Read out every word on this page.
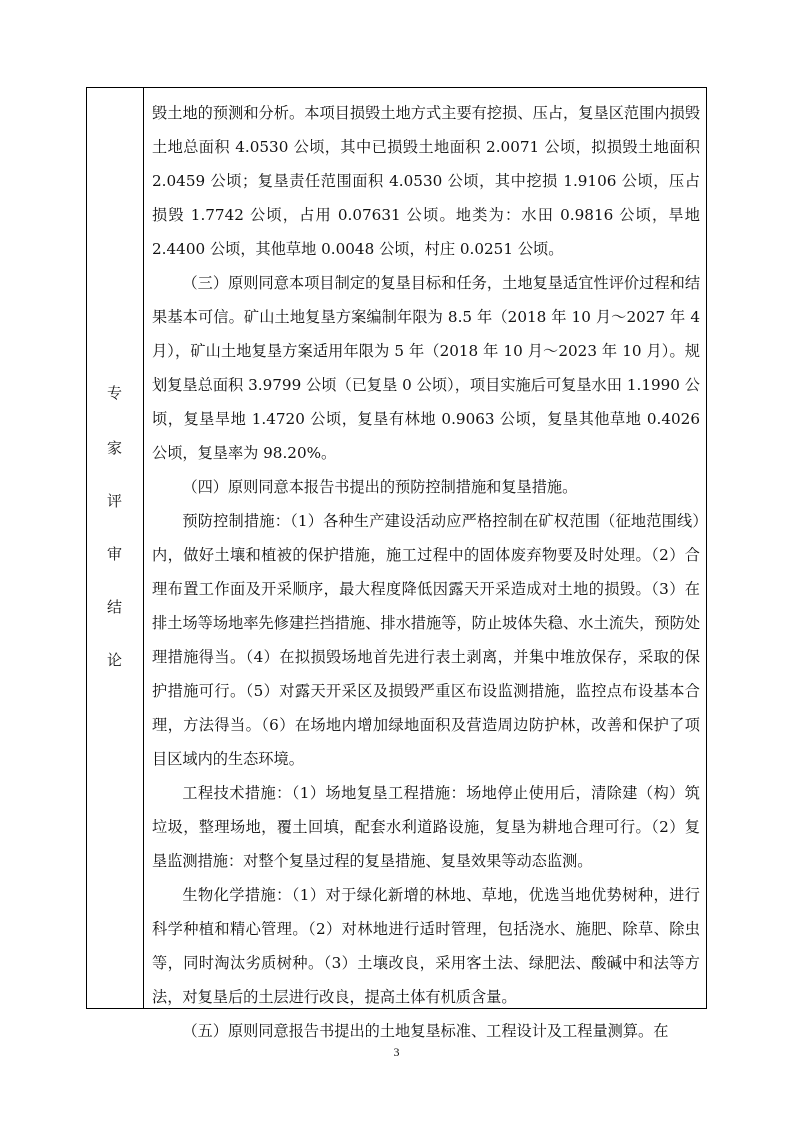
专
家
评
审
结
论

毁土地的预测和分析。本项目损毁土地方式主要有挖损、压占，复垦区范围内损毁土地总面积 4.0530 公顷，其中已损毁土地面积 2.0071 公顷，拟损毁土地面积 2.0459 公顷；复垦责任范围面积 4.0530 公顷，其中挖损 1.9106 公顷，压占损毁 1.7742 公顷，占用 0.07631 公顷。地类为：水田 0.9816 公顷，旱地 2.4400 公顷，其他草地 0.0048 公顷，村庄 0.0251 公顷。

（三）原则同意本项目制定的复垦目标和任务，土地复垦适宜性评价过程和结果基本可信。矿山土地复垦方案编制年限为 8.5 年（2018 年 10 月～2027 年 4 月），矿山土地复垦方案适用年限为 5 年（2018 年 10 月～2023 年 10 月）。规划复垦总面积 3.9799 公顷（已复垦 0 公顷），项目实施后可复垦水田 1.1990 公顷，复垦旱地 1.4720 公顷，复垦有林地 0.9063 公顷，复垦其他草地 0.4026 公顷，复垦率为 98.20%。

（四）原则同意本报告书提出的预防控制措施和复垦措施。

预防控制措施：（1）各种生产建设活动应严格控制在矿权范围（征地范围线）内，做好土壤和植被的保护措施，施工过程中的固体废弃物要及时处理。（2）合理布置工作面及开采顺序，最大程度降低因露天开采造成对土地的损毁。（3）在排土场等场地率先修建拦挡措施、排水措施等，防止坡体失稳、水土流失，预防处理措施得当。（4）在拟损毁场地首先进行表土剥离，并集中堆放保存，采取的保护措施可行。（5）对露天开采区及损毁严重区布设监测措施，监控点布设基本合理，方法得当。（6）在场地内增加绿地面积及营造周边防护林，改善和保护了项目区域内的生态环境。

工程技术措施：（1）场地复垦工程措施：场地停止使用后，清除建（构）筑垃圾，整理场地，覆土回填，配套水利道路设施，复垦为耕地合理可行。（2）复垦监测措施：对整个复垦过程的复垦措施、复垦效果等动态监测。

生物化学措施：（1）对于绿化新增的林地、草地，优选当地优势树种，进行科学种植和精心管理。（2）对林地进行适时管理，包括浇水、施肥、除草、除虫等，同时淘汰劣质树种。（3）土壤改良，采用客土法、绿肥法、酸碱中和法等方法，对复垦后的土层进行改良，提高土体有机质含量。

（五）原则同意报告书提出的土地复垦标准、工程设计及工程量测算。在

3
